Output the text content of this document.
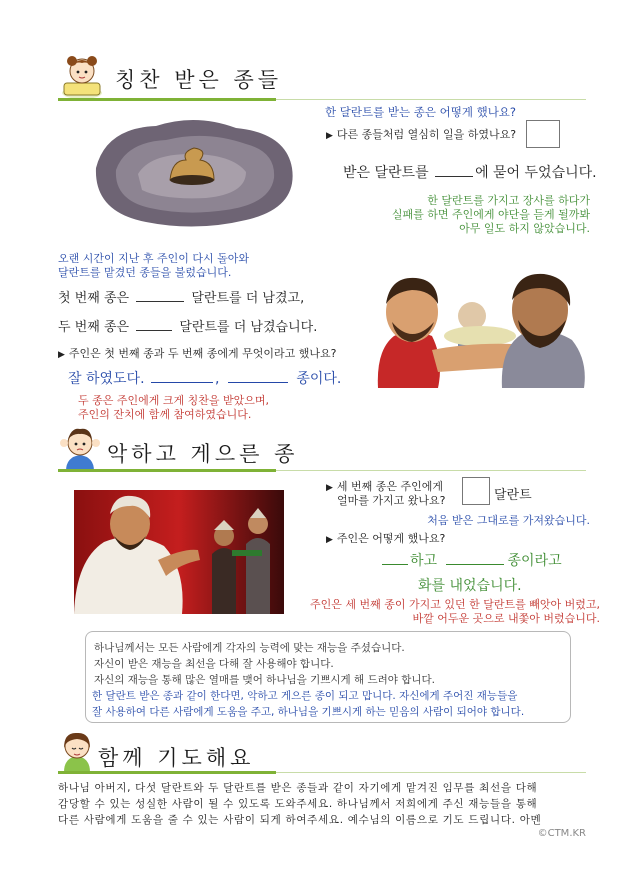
칭찬 받은 종들
한 달란트를 받는 종은 어떻게 했나요?
▶ 다른 종들처럼 열심히 일을 하였나요?
받은 달란트를	에 묻어 두었습니다.
한 달란트를 가지고 장사를 하다가
실패를 하면 주인에게 야단을 듣게 될까봐
아무 일도 하지 않았습니다.
오랜 시간이 지난 후 주인이 다시 돌아와
달란트를 맡겼던 종들을 불렀습니다.
첫 번째 종은	달란트를 더 남겼고,
두 번째 종은	달란트를 더 남겼습니다.
▶ 주인은 첫 번째 종과 두 번째 종에게 무엇이라고 했나요?
잘 하였도다.	,	종이다.
두 종은 주인에게 크게 칭찬을 받았으며,
주인의 잔치에 함께 참여하였습니다.
악하고 게으른 종
▶ 세 번째 종은 주인에게
얼마를 가지고 왔나요?	달란트
처음 받은 그대로를 가져왔습니다.
▶ 주인은 어떻게 했나요?
하고	종이라고
화를 내었습니다.
주인은 세 번째 종이 가지고 있던 한 달란트를 빼앗아 버렸고,
바깥 어두운 곳으로 내쫓아 버렸습니다.
하나님께서는 모든 사람에게 각자의 능력에 맞는 재능을 주셨습니다.
자신이 받은 재능을 최선을 다해 잘 사용해야 합니다.
자신의 재능을 통해 많은 열매를 맺어 하나님을 기쁘시게 해 드려야 합니다.
한 달란트 받은 종과 같이 한다면, 악하고 게으른 종이 되고 맙니다. 자신에게 주어진 재능들을
잘 사용하여 다른 사람에게 도움을 주고, 하나님을 기쁘시게 하는 믿음의 사람이 되어야 합니다.
함께 기도해요
하나님 아버지, 다섯 달란트와 두 달란트를 받은 종들과 같이 자기에게 맡겨진 임무를 최선을 다해
감당할 수 있는 성실한 사람이 될 수 있도록 도와주세요. 하나님께서 저희에게 주신 재능들을 통해
다른 사람에게 도움을 줄 수 있는 사람이 되게 하여주세요. 예수님의 이름으로 기도 드립니다. 아멘
©CTM.KR
